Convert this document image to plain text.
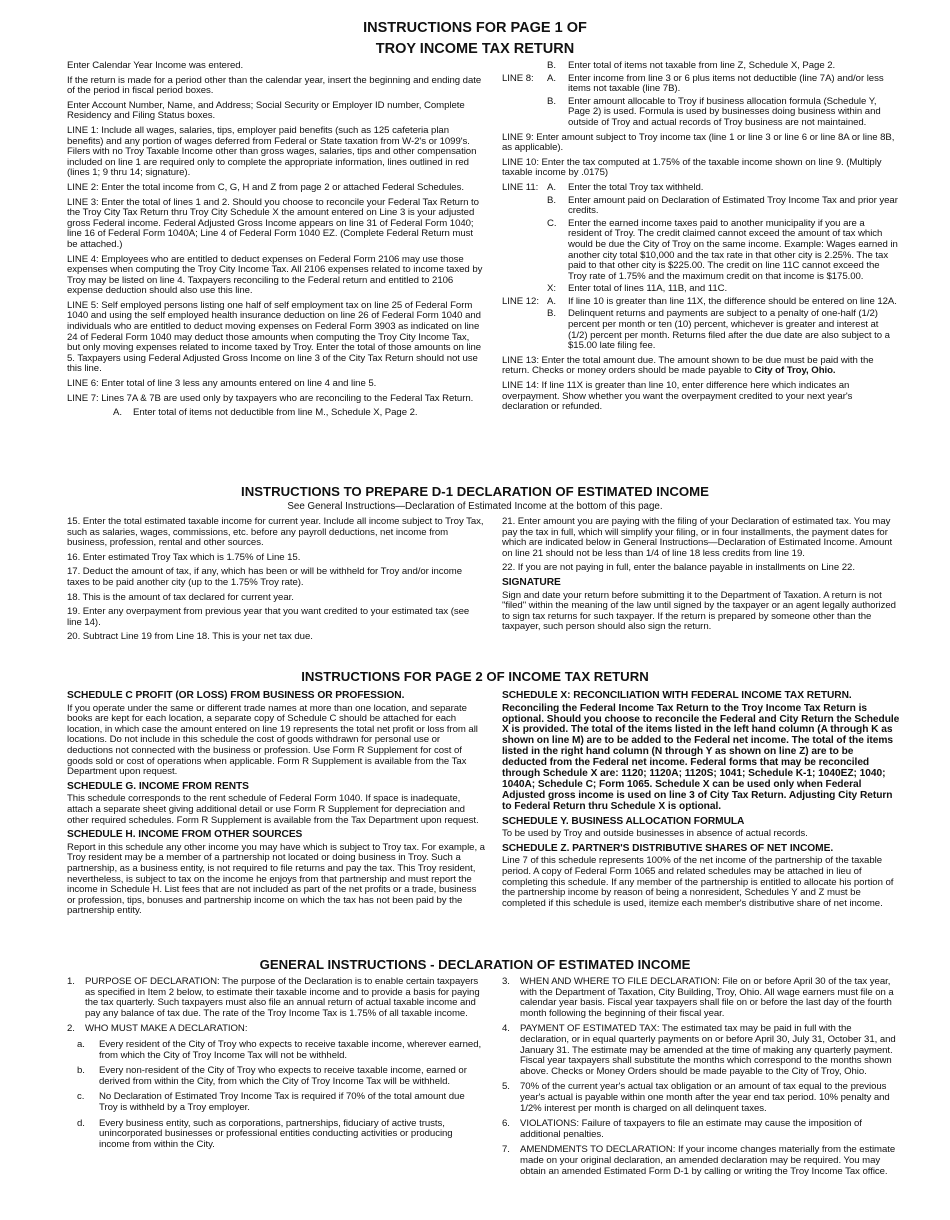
INSTRUCTIONS FOR PAGE 1 OF
TROY INCOME TAX RETURN

Enter Calendar Year Income was entered.

If the return is made for a period other than the calendar year, insert the beginning and ending date of the period in fiscal period boxes.

Enter Account Number, Name, and Address; Social Security or Employer ID number, Complete Residency and Filing Status boxes.

LINE 1: Include all wages, salaries, tips, employer paid benefits (such as 125 cafeteria plan benefits) and any portion of wages deferred from Federal or State taxation from W-2's or 1099's. Filers with no Troy Taxable Income other than gross wages, salaries, tips and other compensation included on line 1 are required only to complete the appropriate information, lines outlined in red (lines 1; 9 thru 14; signature).

LINE 2: Enter the total income from C, G, H and Z from page 2 or attached Federal Schedules.

LINE 3: Enter the total of lines 1 and 2. Should you choose to reconcile your Federal Tax Return to the Troy City Tax Return thru Troy City Schedule X the amount entered on Line 3 is your adjusted gross Federal income. Federal Adjusted Gross Income appears on line 31 of Federal Form 1040; line 16 of Federal Form 1040A; Line 4 of Federal Form 1040 EZ. (Complete Federal Return must be attached.)

LINE 4: Employees who are entitled to deduct expenses on Federal Form 2106 may use those expenses when computing the Troy City Income Tax. All 2106 expenses related to income taxed by Troy may be listed on line 4. Taxpayers reconciling to the Federal return and entitled to 2106 expense deduction should also use this line.

LINE 5: Self employed persons listing one half of self employment tax on line 25 of Federal Form 1040 and using the self employed health insurance deduction on line 26 of Federal Form 1040 and individuals who are entitled to deduct moving expenses on Federal Form 3903 as indicated on line 24 of Federal Form 1040 may deduct those amounts when computing the Troy City Income Tax, but only moving expenses related to income taxed by Troy. Enter the total of those amounts on line 5. Taxpayers using Federal Adjusted Gross Income on line 3 of the City Tax Return should not use this line.

LINE 6: Enter total of line 3 less any amounts entered on line 4 and line 5.

LINE 7: Lines 7A & 7B are used only by taxpayers who are reconciling to the Federal Tax Return.

A.	Enter total of items not deductible from line M., Schedule X, Page 2.
B.	Enter total of items not taxable from line Z, Schedule X, Page 2.
LINE 8:	A.	Enter income from line 3 or 6 plus items not deductible (line 7A) and/or less items not taxable (line 7B).
B.	Enter amount allocable to Troy if business allocation formula (Schedule Y, Page 2) is used. Formula is used by businesses doing business within and outside of Troy and actual records of Troy business are not maintained.

LINE 9: Enter amount subject to Troy income tax (line 1 or line 3 or line 6 or line 8A or line 8B, as applicable).

LINE 10: Enter the tax computed at 1.75% of the taxable income shown on line 9. (Multiply taxable income by .0175)

LINE 11: A.	Enter the total Troy tax withheld.
B.	Enter amount paid on Declaration of Estimated Troy Income Tax and prior year credits.
C.	Enter the earned income taxes paid to another municipality if you are a resident of Troy. The credit claimed cannot exceed the amount of tax which would be due the City of Troy on the same income. Example: Wages earned in another city total $10,000 and the tax rate in that other city is 2.25%. The tax paid to that other city is $225.00. The credit on line 11C cannot exceed the Troy rate of 1.75% and the maximum credit on that income is $175.00.
X:	Enter total of lines 11A, 11B, and 11C.
LINE 12: A.	If line 10 is greater than line 11X, the difference should be entered on line 12A.
B.	Delinquent returns and payments are subject to a penalty of one-half (1/2) percent per month or ten (10) percent, whichever is greater and interest at (1/2) percent per month. Returns filed after the due date are also subject to a $15.00 late filing fee.

LINE 13: Enter the total amount due. The amount shown to be due must be paid with the return. Checks or money orders should be made payable to City of Troy, Ohio.

LINE 14: If line 11X is greater than line 10, enter difference here which indicates an overpayment. Show whether you want the overpayment credited to your next year's declaration or refunded.

INSTRUCTIONS TO PREPARE D-1 DECLARATION OF ESTIMATED INCOME
See General Instructions—Declaration of Estimated Income at the bottom of this page.

15. Enter the total estimated taxable income for current year. Include all income subject to Troy Tax, such as salaries, wages, commissions, etc. before any payroll deductions, net income from business, profession, rental and other sources.

16. Enter estimated Troy Tax which is 1.75% of Line 15.

17. Deduct the amount of tax, if any, which has been or will be withheld for Troy and/or income taxes to be paid another city (up to the 1.75% Troy rate).

18. This is the amount of tax declared for current year.

19. Enter any overpayment from previous year that you want credited to your estimated tax (see line 14).

20. Subtract Line 19 from Line 18. This is your net tax due.

21. Enter amount you are paying with the filing of your Declaration of estimated tax. You may pay the tax in full, which will simplify your filing, or in four installments, the payment dates for which are indicated below in General Instructions—Declaration of Estimated Income. Amount on line 21 should not be less than 1/4 of line 18 less credits from line 19.

22. If you are not paying in full, enter the balance payable in installments on Line 22.

SIGNATURE

Sign and date your return before submitting it to the Department of Taxation. A return is not "filed" within the meaning of the law until signed by the taxpayer or an agent legally authorized to sign tax returns for such taxpayer. If the return is prepared by someone other than the taxpayer, such person should also sign the return.

INSTRUCTIONS FOR PAGE 2 OF INCOME TAX RETURN
SCHEDULE C PROFIT (OR LOSS) FROM BUSINESS OR PROFESSION.

If you operate under the same or different trade names at more than one location, and separate books are kept for each location, a separate copy of Schedule C should be attached for each location, in which case the amount entered on line 19 represents the total net profit or loss from all locations. Do not include in this schedule the cost of goods withdrawn for personal use or deductions not connected with the business or profession. Use Form R Supplement for cost of goods sold or cost of operations when applicable. Form R Supplement is available from the Tax Department upon request.

SCHEDULE G. INCOME FROM RENTS

This schedule corresponds to the rent schedule of Federal Form 1040. If space is inadequate, attach a separate sheet giving additional detail or use Form R Supplement for depreciation and other required schedules. Form R Supplement is available from the Tax Department upon request.

SCHEDULE H. INCOME FROM OTHER SOURCES

Report in this schedule any other income you may have which is subject to Troy tax. For example, a Troy resident may be a member of a partnership not located or doing business in Troy. Such a partnership, as a business entity, is not required to file returns and pay the tax. This Troy resident, nevertheless, is subject to tax on the income he enjoys from that partnership and must report the income in Schedule H. List fees that are not included as part of the net profits or a trade, business or profession, tips, bonuses and partnership income on which the tax has not been paid by the partnership entity.

SCHEDULE X: RECONCILIATION WITH FEDERAL INCOME TAX RETURN.

Reconciling the Federal Income Tax Return to the Troy Income Tax Return is optional. Should you choose to reconcile the Federal and City Return the Schedule X is provided. The total of the items listed in the left hand column (A through K as shown on line M) are to be added to the Federal net income. The total of the items listed in the right hand column (N through Y as shown on line Z) are to be deducted from the Federal net income. Federal forms that may be reconciled through Schedule X are: 1120; 1120A; 1120S; 1041; Schedule K-1; 1040EZ; 1040; 1040A; Schedule C; Form 1065. Schedule X can be used only when Federal Adjusted gross income is used on line 3 of City Tax Return. Adjusting City Return to Federal Return thru Schedule X is optional.

SCHEDULE Y. BUSINESS ALLOCATION FORMULA

To be used by Troy and outside businesses in absence of actual records.

SCHEDULE Z. PARTNER'S DISTRIBUTIVE SHARES OF NET INCOME.

Line 7 of this schedule represents 100% of the net income of the partnership of the taxable period. A copy of Federal Form 1065 and related schedules may be attached in lieu of completing this schedule. If any member of the partnership is entitled to allocate his portion of the partnership income by reason of being a nonresident, Schedules Y and Z must be completed if this schedule is used, itemize each member's distributive share of net income.

GENERAL INSTRUCTIONS - DECLARATION OF ESTIMATED INCOME
1.	PURPOSE OF DECLARATION: The purpose of the Declaration is to enable certain taxpayers as specified in Item 2 below, to estimate their taxable income and to provide a basis for paying the tax quarterly. Such taxpayers must also file an annual return of actual taxable income and pay any balance of tax due. The rate of the Troy Income Tax is 1.75% of all taxable income.
2.	WHO MUST MAKE A DECLARATION:
a.	Every resident of the City of Troy who expects to receive taxable income, wherever earned, from which the City of Troy Income Tax will not be withheld.
b.	Every non-resident of the City of Troy who expects to receive taxable income, earned or derived from within the City, from which the City of Troy Income Tax will be withheld.
c.	No Declaration of Estimated Troy Income Tax is required if 70% of the total amount due Troy is withheld by a Troy employer.
d.	Every business entity, such as corporations, partnerships, fiduciary of active trusts, unincorporated businesses or professional entities conducting activities or producing income from within the City.
3.	WHEN AND WHERE TO FILE DECLARATION: File on or before April 30 of the tax year, with the Department of Taxation, City Building, Troy, Ohio. All wage earners must file on a calendar year basis. Fiscal year taxpayers shall file on or before the last day of the fourth month following the beginning of their fiscal year.
4.	PAYMENT OF ESTIMATED TAX: The estimated tax may be paid in full with the declaration, or in equal quarterly payments on or before April 30, July 31, October 31, and January 31. The estimate may be amended at the time of making any quarterly payment. Fiscal year taxpayers shall substitute the months which correspond to the months shown above. Checks or Money Orders should be made payable to the City of Troy, Ohio.
5.	70% of the current year's actual tax obligation or an amount of tax equal to the previous year's actual is payable within one month after the year end tax period. 10% penalty and 1/2% interest per month is charged on all delinquent taxes.
6.	VIOLATIONS: Failure of taxpayers to file an estimate may cause the imposition of additional penalties.
7.	AMENDMENTS TO DECLARATION: If your income changes materially from the estimate made on your original declaration, an amended declaration may be required. You may obtain an amended Estimated Form D-1 by calling or writing the Troy Income Tax office.
